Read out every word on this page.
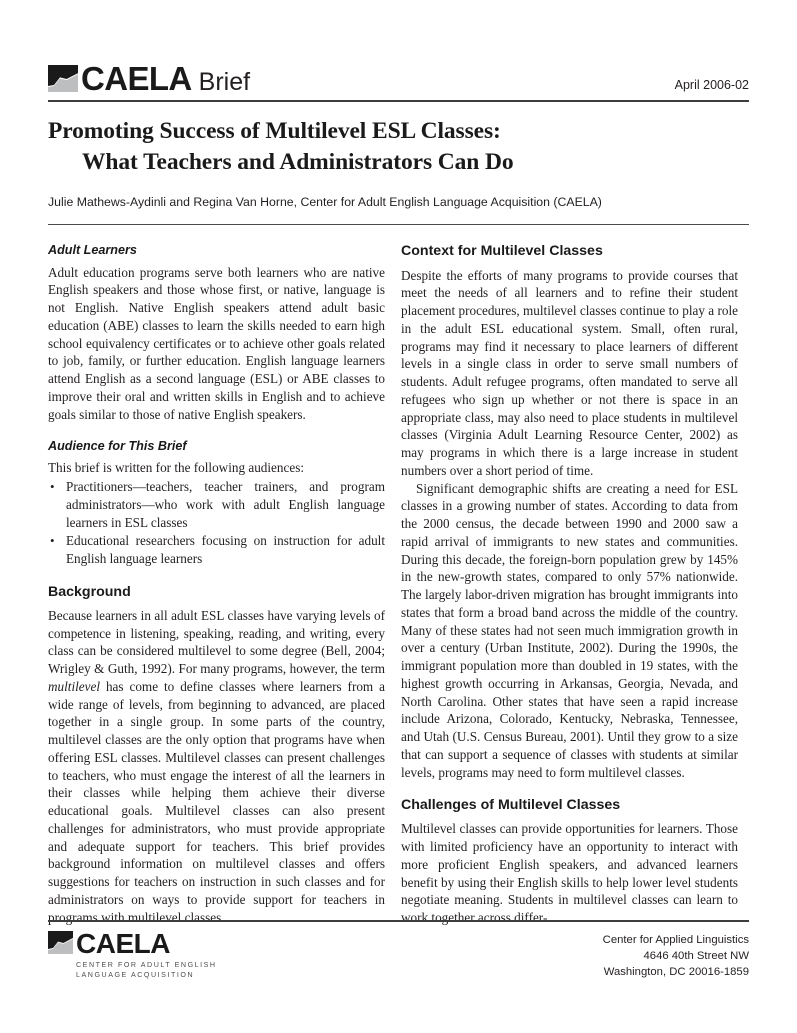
CAELA Brief	April 2006-02
Promoting Success of Multilevel ESL Classes:
What Teachers and Administrators Can Do

Julie Mathews-Aydinli and Regina Van Horne, Center for Adult English Language Acquisition (CAELA)

Adult Learners

Adult education programs serve both learners who are native English speakers and those whose first, or native, language is not English. Native English speakers attend adult basic education (ABE) classes to learn the skills needed to earn high school equivalency certificates or to achieve other goals related to job, family, or further education. English language learners attend English as a second language (ESL) or ABE classes to improve their oral and written skills in English and to achieve goals similar to those of native English speakers.

Audience for This Brief

This brief is written for the following audiences:

• Practitioners—teachers, teacher trainers, and program administrators—who work with adult English language learners in ESL classes
• Educational researchers focusing on instruction for adult English language learners
Background

Because learners in all adult ESL classes have varying levels of competence in listening, speaking, reading, and writing, every class can be considered multilevel to some degree (Bell, 2004; Wrigley & Guth, 1992). For many programs, however, the term multilevel has come to define classes where learners from a wide range of levels, from beginning to advanced, are placed together in a single group. In some parts of the country, multilevel classes are the only option that programs have when offering ESL classes. Multilevel classes can present challenges to teachers, who must engage the interest of all the learners in their classes while helping them achieve their diverse educational goals. Multilevel classes can also present challenges for administrators, who must provide appropriate and adequate support for teachers. This brief provides background information on multilevel classes and offers suggestions for teachers on instruction in such classes and for administrators on ways to provide support for teachers in programs with multilevel classes.

Context for Multilevel Classes

Despite the efforts of many programs to provide courses that meet the needs of all learners and to refine their student placement procedures, multilevel classes continue to play a role in the adult ESL educational system. Small, often rural, programs may find it necessary to place learners of different levels in a single class in order to serve small numbers of students. Adult refugee programs, often mandated to serve all refugees who sign up whether or not there is space in an appropriate class, may also need to place students in multilevel classes (Virginia Adult Learning Resource Center, 2002) as may programs in which there is a large increase in student numbers over a short period of time.

Significant demographic shifts are creating a need for ESL classes in a growing number of states. According to data from the 2000 census, the decade between 1990 and 2000 saw a rapid arrival of immigrants to new states and communities. During this decade, the foreign-born population grew by 145% in the new-growth states, compared to only 57% nationwide. The largely labor-driven migration has brought immigrants into states that form a broad band across the middle of the country. Many of these states had not seen much immigration growth in over a century (Urban Institute, 2002). During the 1990s, the immigrant population more than doubled in 19 states, with the highest growth occurring in Arkansas, Georgia, Nevada, and North Carolina. Other states that have seen a rapid increase include Arizona, Colorado, Kentucky, Nebraska, Tennessee, and Utah (U.S. Census Bureau, 2001). Until they grow to a size that can support a sequence of classes with students at similar levels, programs may need to form multilevel classes.

Challenges of Multilevel Classes

Multilevel classes can provide opportunities for learners. Those with limited proficiency have an opportunity to interact with more proficient English speakers, and advanced learners benefit by using their English skills to help lower level students negotiate meaning. Students in multilevel classes can learn to work together across differ-

CAELA
CENTER FOR ADULT ENGLISH
LANGUAGE ACQUISITION
Center for Applied Linguistics
4646 40th Street NW
Washington, DC 20016-1859
